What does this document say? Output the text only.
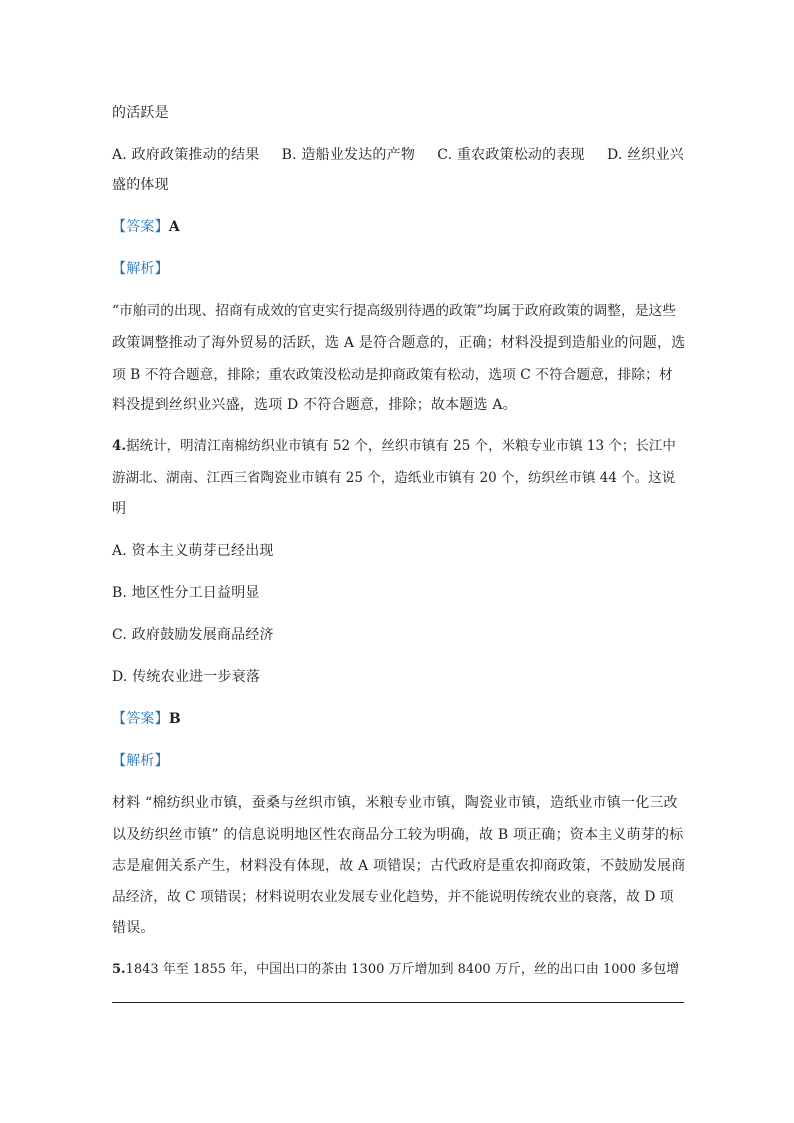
的活跃是
A. 政府政策推动的结果 B. 造船业发达的产物 C. 重农政策松动的表现 D. 丝织业兴
盛的体现
【答案】A
【解析】
“市舶司的出现、招商有成效的官吏实行提高级别待遇的政策”均属于政府政策的调整，是这些
政策调整推动了海外贸易的活跃，选 A 是符合题意的，正确；材料没提到造船业的问题，选
项 B 不符合题意，排除；重农政策没松动是抑商政策有松动，选项 C 不符合题意，排除；材
料没提到丝织业兴盛，选项 D 不符合题意，排除；故本题选 A。
4.据统计，明清江南棉纺织业市镇有 52 个，丝织市镇有 25 个，米粮专业市镇 13 个；长江中
游湖北、湖南、江西三省陶瓷业市镇有 25 个，造纸业市镇有 20 个，纺织丝市镇 44 个。这说
明
A. 资本主义萌芽已经出现
B. 地区性分工日益明显
C. 政府鼓励发展商品经济
D. 传统农业进一步衰落
【答案】B
【解析】
材料 “棉纺织业市镇，蚕桑与丝织市镇，米粮专业市镇，陶瓷业市镇，造纸业市镇一化三改
以及纺织丝市镇” 的信息说明地区性农商品分工较为明确，故 B 项正确；资本主义萌芽的标
志是雇佣关系产生，材料没有体现，故 A 项错误；古代政府是重农抑商政策，不鼓励发展商
品经济，故 C 项错误；材料说明农业发展专业化趋势，并不能说明传统农业的衰落，故 D 项
错误。
5.1843 年至 1855 年，中国出口的茶由 1300 万斤增加到 8400 万斤，丝的出口由 1000 多包增
